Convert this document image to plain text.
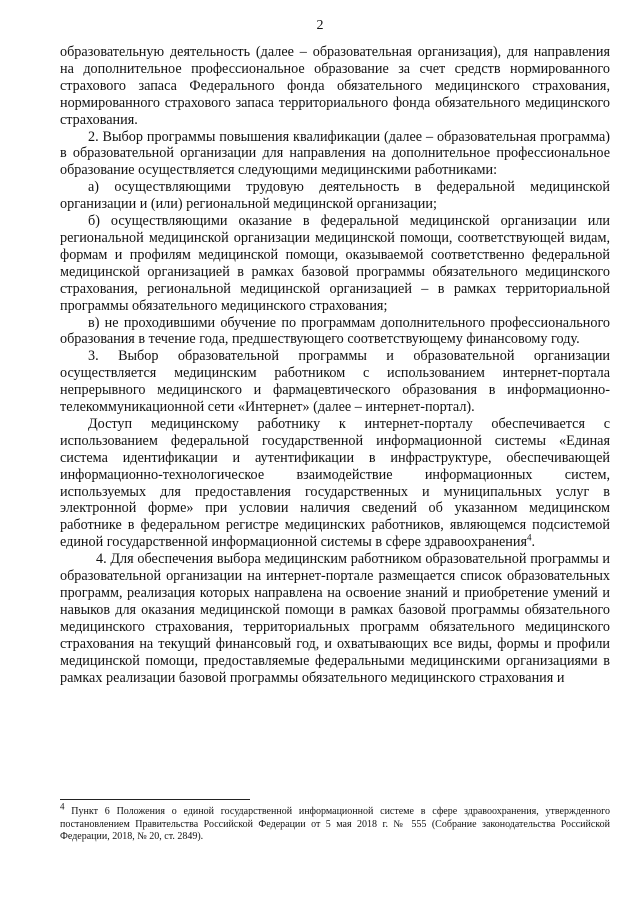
2

образовательную деятельность (далее – образовательная организация), для направления на дополнительное профессиональное образование за счет средств нормированного страхового запаса Федерального фонда обязательного медицинского страхования, нормированного страхового запаса территориального фонда обязательного медицинского страхования.

2. Выбор программы повышения квалификации (далее – образовательная программа) в образовательной организации для направления на дополнительное профессиональное образование осуществляется следующими медицинскими работниками:

а) осуществляющими трудовую деятельность в федеральной медицинской организации и (или) региональной медицинской организации;

б) осуществляющими оказание в федеральной медицинской организации или региональной медицинской организации медицинской помощи, соответствующей видам, формам и профилям медицинской помощи, оказываемой соответственно федеральной медицинской организацией в рамках базовой программы обязательного медицинского страхования, региональной медицинской организацией – в рамках территориальной программы обязательного медицинского страхования;

в) не проходившими обучение по программам дополнительного профессионального образования в течение года, предшествующего соответствующему финансовому году.

3. Выбор образовательной программы и образовательной организации осуществляется медицинским работником с использованием интернет-портала непрерывного медицинского и фармацевтического образования в информационно-телекоммуникационной сети «Интернет» (далее – интернет-портал).

Доступ медицинскому работнику к интернет-порталу обеспечивается с использованием федеральной государственной информационной системы «Единая система идентификации и аутентификации в инфраструктуре, обеспечивающей информационно-технологическое взаимодействие информационных систем, используемых для предоставления государственных и муниципальных услуг в электронной форме» при условии наличия сведений об указанном медицинском работнике в федеральном регистре медицинских работников, являющемся подсистемой единой государственной информационной системы в сфере здравоохранения$^4$.

4. Для обеспечения выбора медицинским работником образовательной программы и образовательной организации на интернет-портале размещается список образовательных программ, реализация которых направлена на освоение знаний и приобретение умений и навыков для оказания медицинской помощи в рамках базовой программы обязательного медицинского страхования, территориальных программ обязательного медицинского страхования на текущий финансовый год, и охватывающих все виды, формы и профили медицинской помощи, предоставляемые федеральными медицинскими организациями в рамках реализации базовой программы обязательного медицинского страхования и

$^4$ Пункт 6 Положения о единой государственной информационной системе в сфере здравоохранения, утвержденного постановлением Правительства Российской Федерации от 5 мая 2018 г. № 555 (Собрание законодательства Российской Федерации, 2018, № 20, ст. 2849).
